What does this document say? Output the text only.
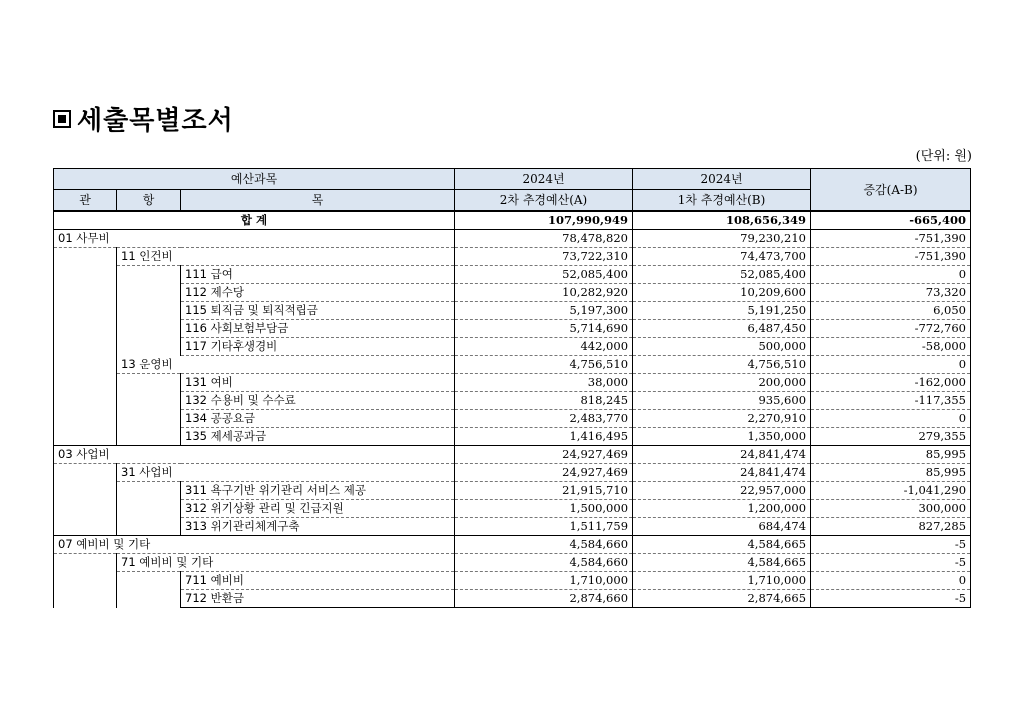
세출목별조서
(단위: 원)
예산과목			2024년	2024년	증감(A-B)
관	항	목	2차 추경예산(A)	1차 추경예산(B)	
합 계			107,990,949	108,656,349	-665,400
01 사무비			78,478,820	79,230,210	-751,390
	11 인건비		73,722,310	74,473,700	-751,390
		111 급여	52,085,400	52,085,400	0
		112 제수당	10,282,920	10,209,600	73,320
		115 퇴직금 및 퇴직적립금	5,197,300	5,191,250	6,050
		116 사회보험부담금	5,714,690	6,487,450	-772,760
		117 기타후생경비	442,000	500,000	-58,000
	13 운영비		4,756,510	4,756,510	0
		131 여비	38,000	200,000	-162,000
		132 수용비 및 수수료	818,245	935,600	-117,355
		134 공공요금	2,483,770	2,270,910	0
		135 제세공과금	1,416,495	1,350,000	279,355
03 사업비			24,927,469	24,841,474	85,995
	31 사업비		24,927,469	24,841,474	85,995
		311 욕구기반 위기관리 서비스 제공	21,915,710	22,957,000	-1,041,290
		312 위기상황 관리 및 긴급지원	1,500,000	1,200,000	300,000
		313 위기관리체계구축	1,511,759	684,474	827,285
07 예비비 및 기타			4,584,660	4,584,665	-5
	71 예비비 및 기타		4,584,660	4,584,665	-5
		711 예비비	1,710,000	1,710,000	0
		712 반환금	2,874,660	2,874,665	-5
